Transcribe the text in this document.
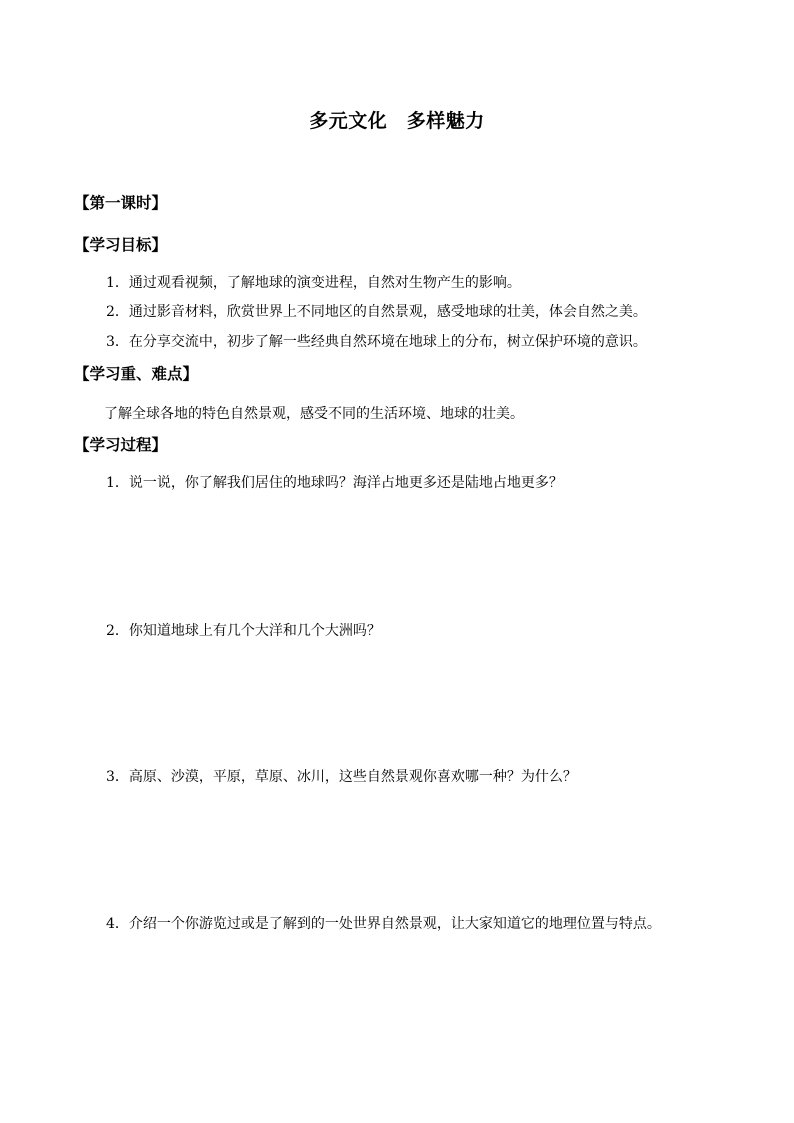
多元文化　多样魅力
【第一课时】
【学习目标】
1．通过观看视频，了解地球的演变进程，自然对生物产生的影响。
2．通过影音材料，欣赏世界上不同地区的自然景观，感受地球的壮美，体会自然之美。
3．在分享交流中，初步了解一些经典自然环境在地球上的分布，树立保护环境的意识。
【学习重、难点】
了解全球各地的特色自然景观，感受不同的生活环境、地球的壮美。
【学习过程】
1．说一说，你了解我们居住的地球吗？海洋占地更多还是陆地占地更多？
2．你知道地球上有几个大洋和几个大洲吗？
3．高原、沙漠，平原，草原、冰川，这些自然景观你喜欢哪一种？为什么？
4．介绍一个你游览过或是了解到的一处世界自然景观，让大家知道它的地理位置与特点。
